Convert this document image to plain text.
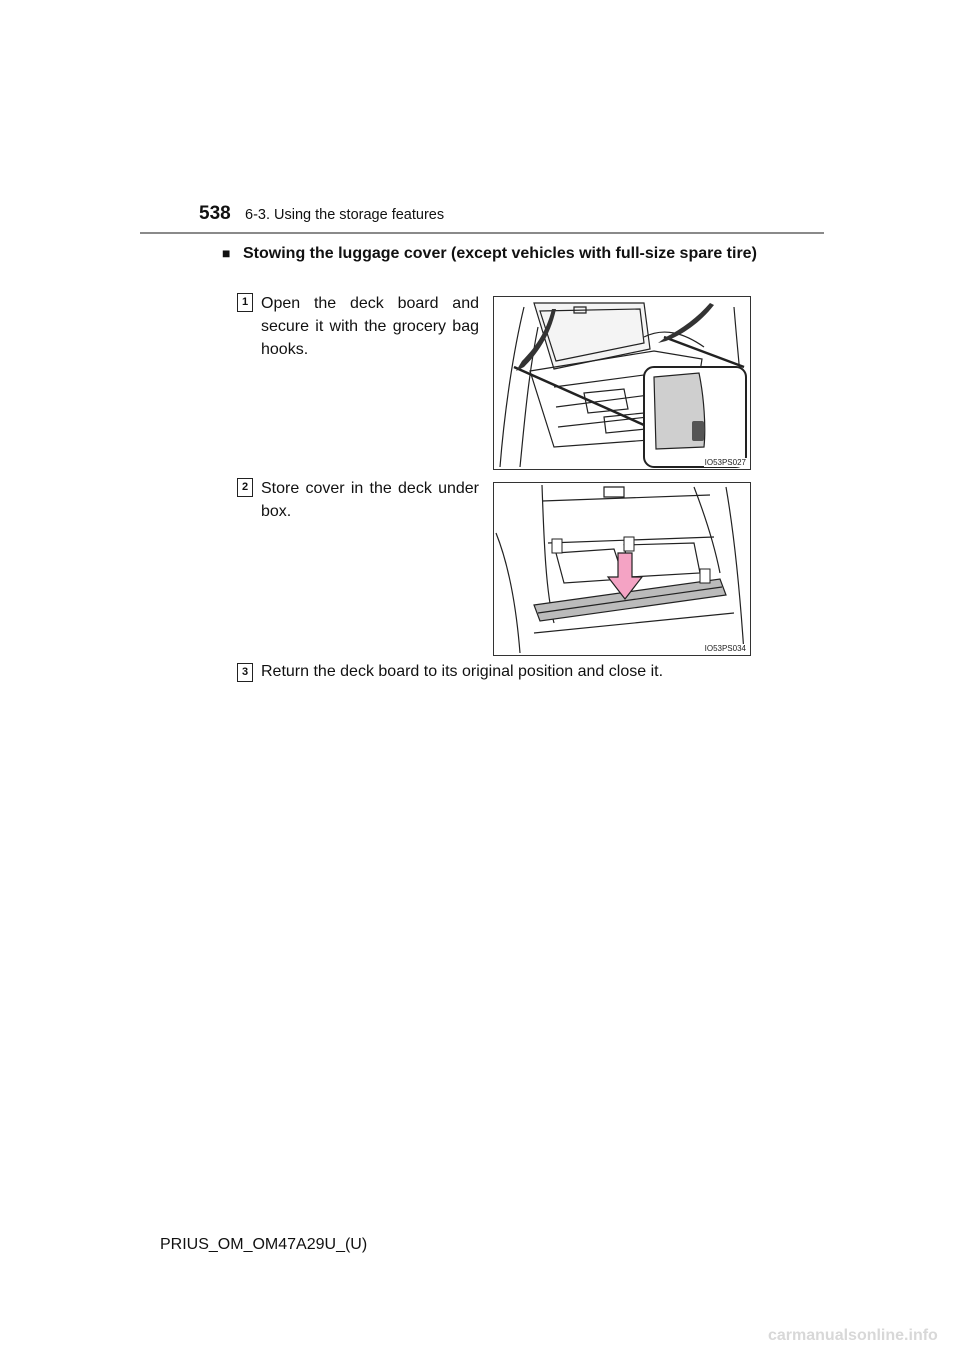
538 6-3. Using the storage features
■ Stowing the luggage cover (except vehicles with full-size spare tire)
1 Open the deck board and secure it with the grocery bag hooks.
IO53PS027
2 Store cover in the deck under box.
IO53PS034
3 Return the deck board to its original position and close it.
PRIUS_OM_OM47A29U_(U)
carmanualsonline.info
